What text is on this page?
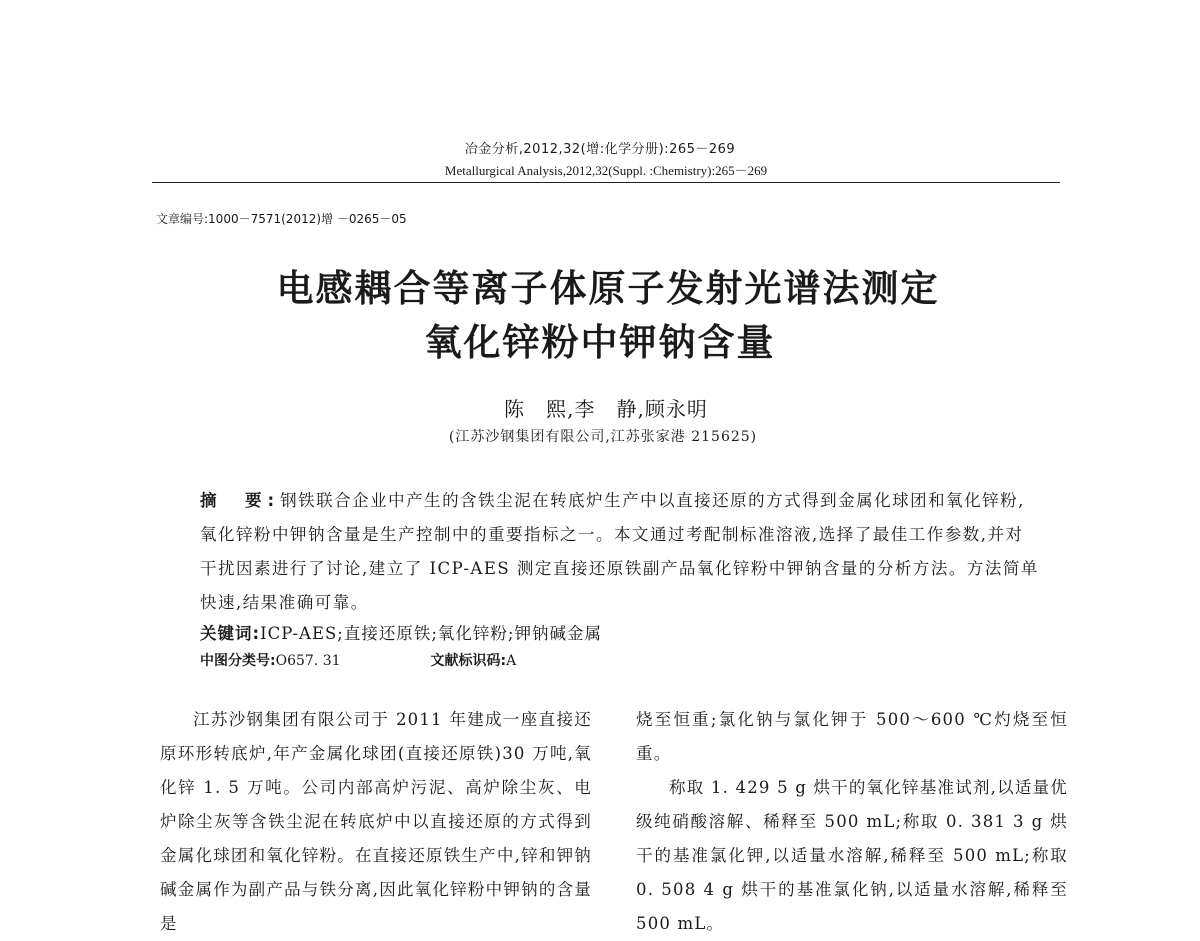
冶金分析,2012,32(增:化学分册):265－269
Metallurgical Analysis,2012,32(Suppl. :Chemistry):265－269
文章编号:1000－7571(2012)增 －0265－05
电感耦合等离子体原子发射光谱法测定
氧化锌粉中钾钠含量
陈　熙,李　静,顾永明
(江苏沙钢集团有限公司,江苏张家港 215625)
摘　要:钢铁联合企业中产生的含铁尘泥在转底炉生产中以直接还原的方式得到金属化球团和氧化锌粉,氧化锌粉中钾钠含量是生产控制中的重要指标之一。本文通过考配制标准溶液,选择了最佳工作参数,并对干扰因素进行了讨论,建立了 ICP-AES 测定直接还原铁副产品氧化锌粉中钾钠含量的分析方法。方法简单快速,结果准确可靠。
关键词:ICP-AES;直接还原铁;氧化锌粉;钾钠碱金属
中图分类号:O657. 31	文献标识码:A

江苏沙钢集团有限公司于 2011 年建成一座直接还原环形转底炉,年产金属化球团(直接还原铁)30 万吨,氧化锌 1. 5 万吨。公司内部高炉污泥、高炉除尘灰、电炉除尘灰等含铁尘泥在转底炉中以直接还原的方式得到金属化球团和氧化锌粉。在直接还原铁生产中,锌和钾钠碱金属作为副产品与铁分离,因此氧化锌粉中钾钠的含量是

烧至恒重;氯化钠与氯化钾于 500～600 ℃灼烧至恒重。

称取 1. 429 5 g 烘干的氧化锌基准试剂,以适量优级纯硝酸溶解、稀释至 500 mL;称取 0. 381 3 g 烘干的基准氯化钾,以适量水溶解,稀释至 500 mL;称取 0. 508 4 g 烘干的基准氯化钠,以适量水溶解,稀释至 500 mL。
